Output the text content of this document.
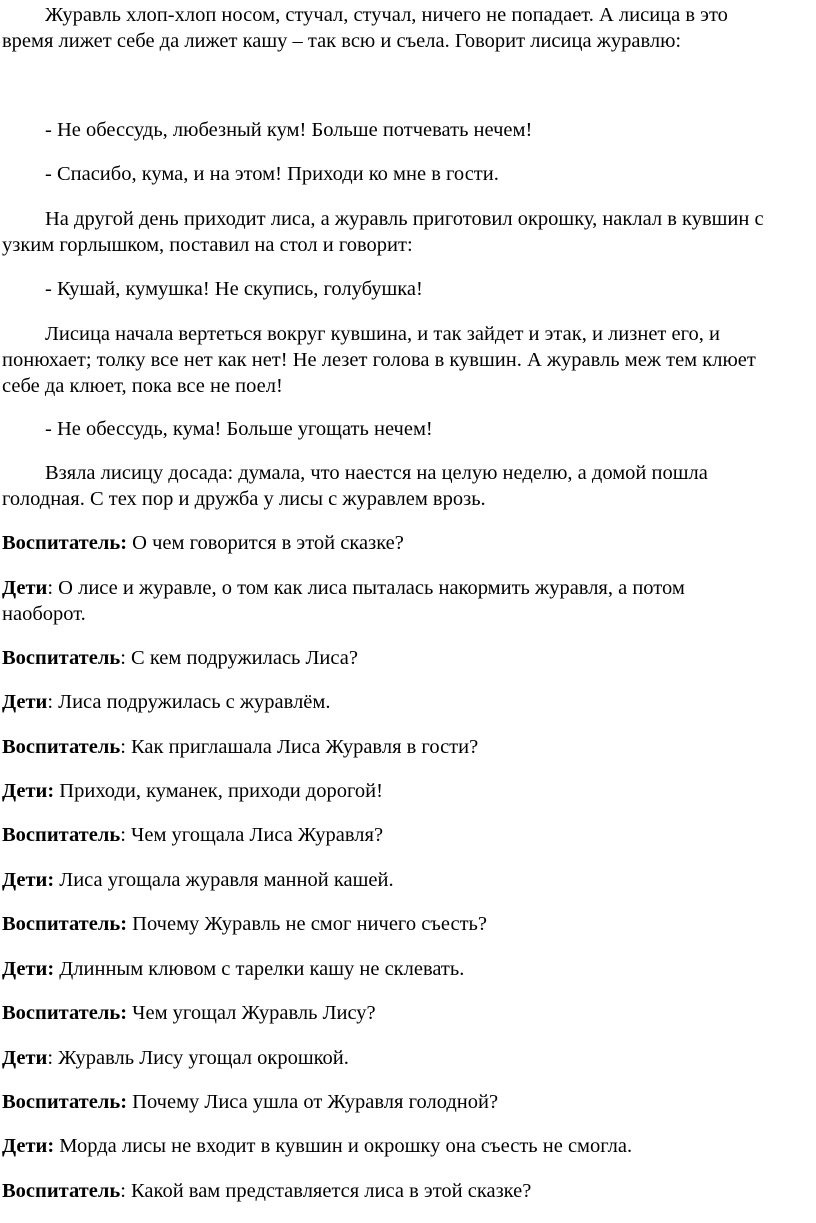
Журавль хлоп-хлоп носом, стучал, стучал, ничего не попадает. А лисица в это
время лижет себе да лижет кашу – так всю и съела. Говорит лисица журавлю:

- Не обессудь, любезный кум! Больше потчевать нечем!

- Спасибо, кума, и на этом! Приходи ко мне в гости.

На другой день приходит лиса, а журавль приготовил окрошку, наклал в кувшин с
узким горлышком, поставил на стол и говорит:

- Кушай, кумушка! Не скупись, голубушка!

Лисица начала вертеться вокруг кувшина, и так зайдет и этак, и лизнет его, и
понюхает; толку все нет как нет! Не лезет голова в кувшин. А журавль меж тем клюет
себе да клюет, пока все не поел!

- Не обессудь, кума! Больше угощать нечем!

Взяла лисицу досада: думала, что наестся на целую неделю, а домой пошла
голодная. С тех пор и дружба у лисы с журавлем врозь.

Воспитатель: О чем говорится в этой сказке?

Дети: О лисе и журавле, о том как лиса пыталась накормить журавля, а потом
наоборот.

Воспитатель: С кем подружилась Лиса?

Дети: Лиса подружилась с журавлём.

Воспитатель: Как приглашала Лиса Журавля в гости?

Дети: Приходи, куманек, приходи дорогой!

Воспитатель: Чем угощала Лиса Журавля?

Дети: Лиса угощала журавля манной кашей.

Воспитатель: Почему Журавль не смог ничего съесть?

Дети: Длинным клювом с тарелки кашу не склевать.

Воспитатель: Чем угощал Журавль Лису?

Дети: Журавль Лису угощал окрошкой.

Воспитатель: Почему Лиса ушла от Журавля голодной?

Дети: Морда лисы не входит в кувшин и окрошку она съесть не смогла.

Воспитатель: Какой вам представляется лиса в этой сказке?
